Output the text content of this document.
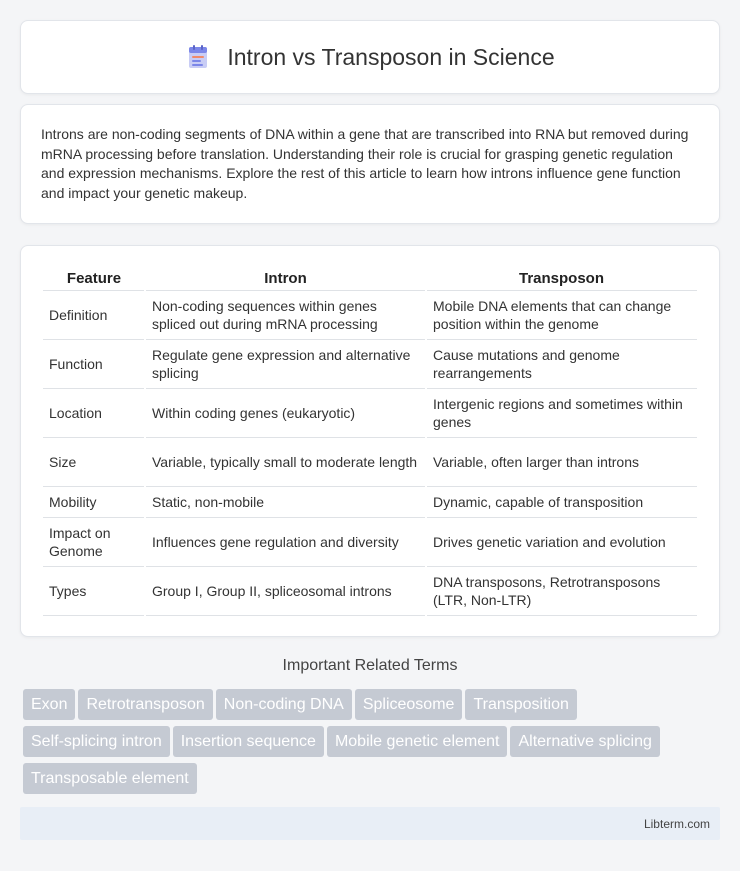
Intron vs Transposon in Science

Introns are non-coding segments of DNA within a gene that are transcribed into RNA but removed during mRNA processing before translation. Understanding their role is crucial for grasping genetic regulation and expression mechanisms. Explore the rest of this article to learn how introns influence gene function and impact your genetic makeup.

Feature	Intron	Transposon
Definition	Non-coding sequences within genes spliced out during mRNA processing	Mobile DNA elements that can change position within the genome
Function	Regulate gene expression and alternative splicing	Cause mutations and genome rearrangements
Location	Within coding genes (eukaryotic)	Intergenic regions and sometimes within genes
Size	Variable, typically small to moderate length	Variable, often larger than introns
Mobility	Static, non-mobile	Dynamic, capable of transposition
Impact on Genome	Influences gene regulation and diversity	Drives genetic variation and evolution
Types	Group I, Group II, spliceosomal introns	DNA transposons, Retrotransposons (LTR, Non-LTR)
Important Related Terms
Exon Retrotransposon Non-coding DNA Spliceosome Transposition
Self-splicing intron Insertion sequence Mobile genetic element Alternative splicing
Transposable element
Libterm.com
